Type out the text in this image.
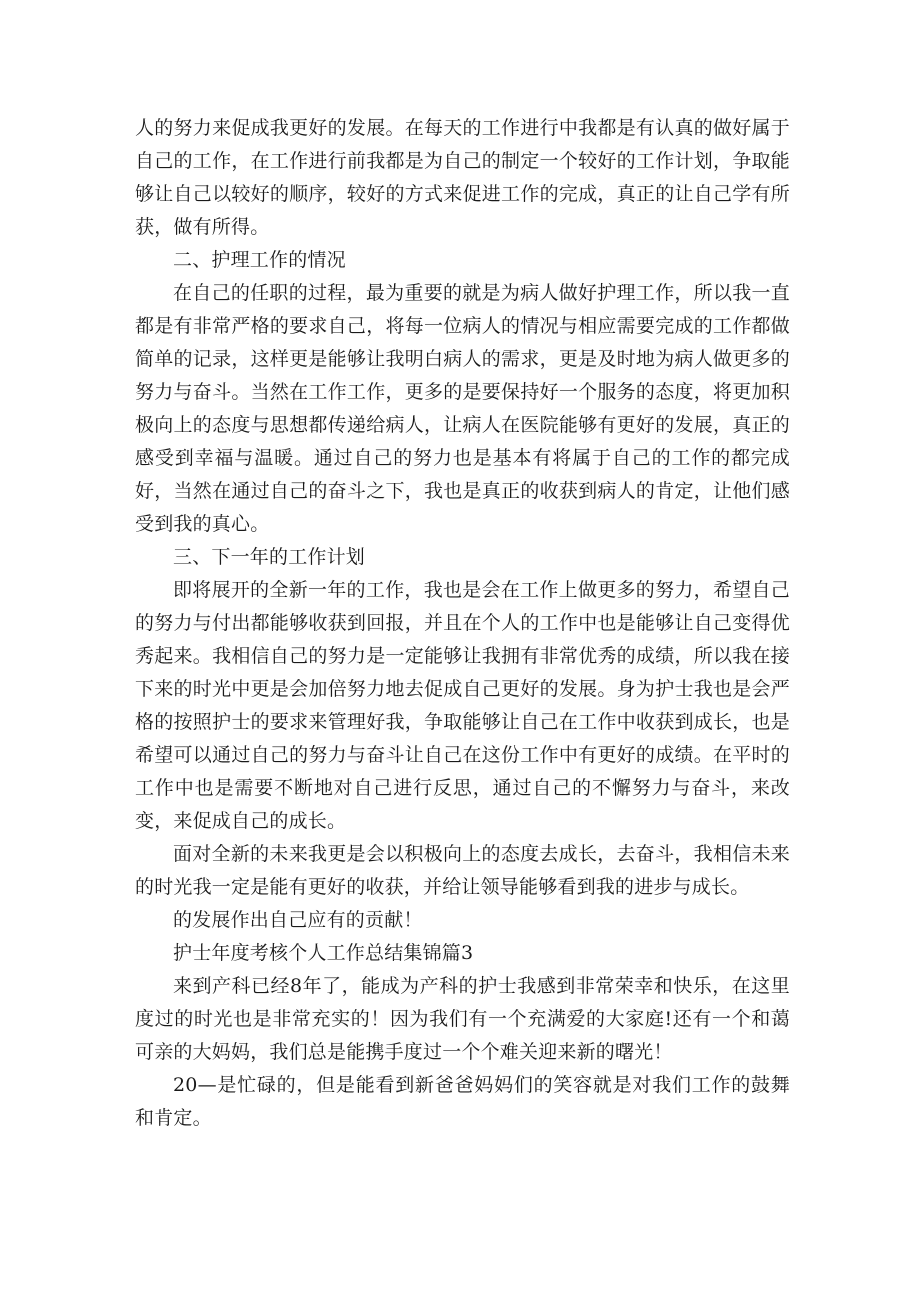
人的努力来促成我更好的发展。在每天的工作进行中我都是有认真的做好属于自己的工作，在工作进行前我都是为自己的制定一个较好的工作计划，争取能够让自己以较好的顺序，较好的方式来促进工作的完成，真正的让自己学有所获，做有所得。

二、护理工作的情况

在自己的任职的过程，最为重要的就是为病人做好护理工作，所以我一直都是有非常严格的要求自己，将每一位病人的情况与相应需要完成的工作都做简单的记录，这样更是能够让我明白病人的需求，更是及时地为病人做更多的努力与奋斗。当然在工作工作，更多的是要保持好一个服务的态度，将更加积极向上的态度与思想都传递给病人，让病人在医院能够有更好的发展，真正的感受到幸福与温暖。通过自己的努力也是基本有将属于自己的工作的都完成好，当然在通过自己的奋斗之下，我也是真正的收获到病人的肯定，让他们感受到我的真心。

三、下一年的工作计划

即将展开的全新一年的工作，我也是会在工作上做更多的努力，希望自己的努力与付出都能够收获到回报，并且在个人的工作中也是能够让自己变得优秀起来。我相信自己的努力是一定能够让我拥有非常优秀的成绩，所以我在接下来的时光中更是会加倍努力地去促成自己更好的发展。身为护士我也是会严格的按照护士的要求来管理好我，争取能够让自己在工作中收获到成长，也是希望可以通过自己的努力与奋斗让自己在这份工作中有更好的成绩。在平时的工作中也是需要不断地对自己进行反思，通过自己的不懈努力与奋斗，来改变，来促成自己的成长。

面对全新的未来我更是会以积极向上的态度去成长，去奋斗，我相信未来的时光我一定是能有更好的收获，并给让领导能够看到我的进步与成长。

的发展作出自己应有的贡献！

护士年度考核个人工作总结集锦篇3

来到产科已经8年了，能成为产科的护士我感到非常荣幸和快乐，在这里度过的时光也是非常充实的！因为我们有一个充满爱的大家庭!还有一个和蔼可亲的大妈妈，我们总是能携手度过一个个难关迎来新的曙光！

20—是忙碌的，但是能看到新爸爸妈妈们的笑容就是对我们工作的鼓舞和肯定。
